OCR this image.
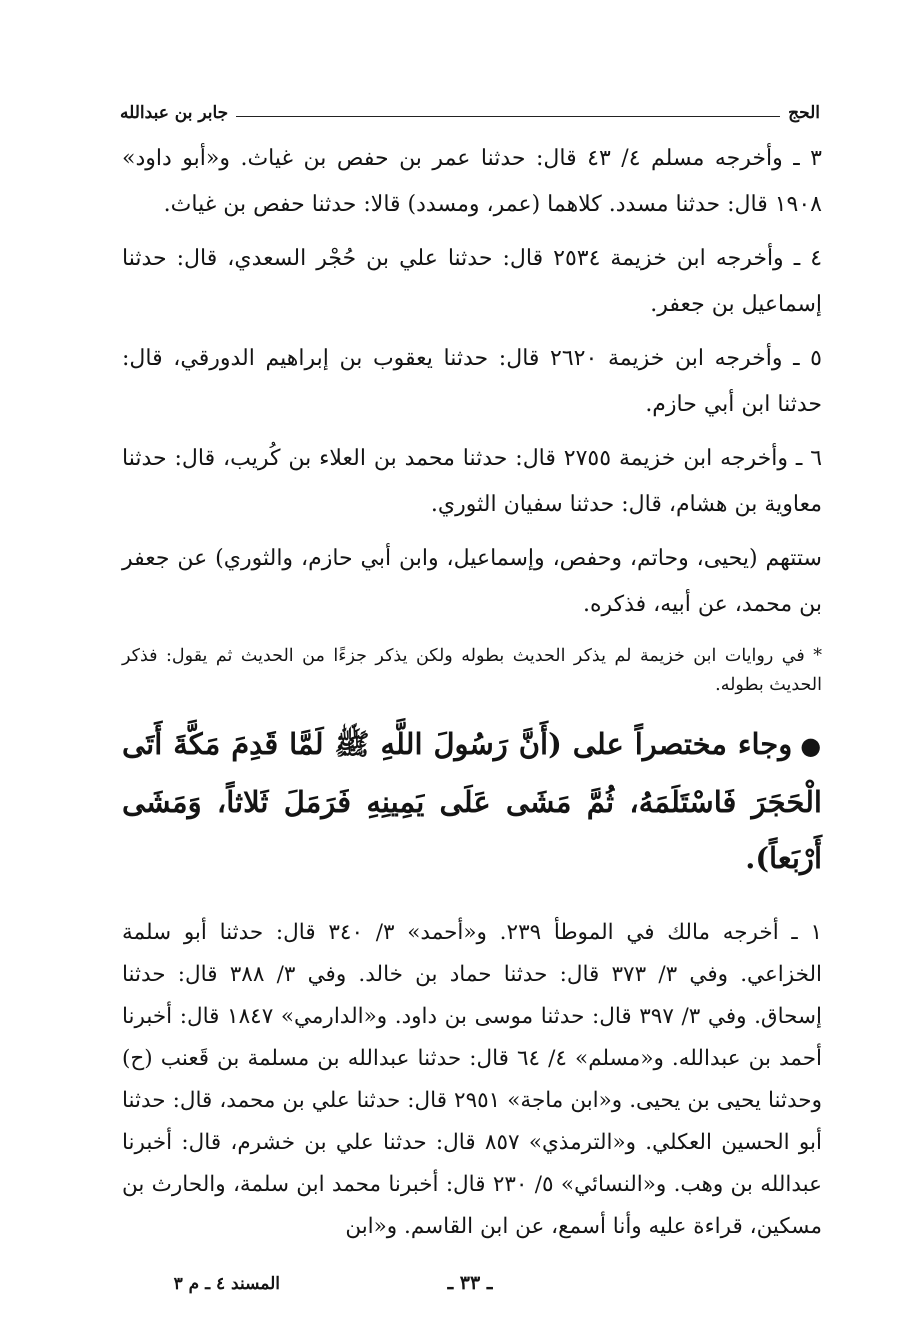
الحج
جابر بن عبدالله

٣ ـ وأخرجه مسلم ٤/ ٤٣ قال: حدثنا عمر بن حفص بن غياث. و«أبو داود» ١٩٠٨ قال: حدثنا مسدد. كلاهما (عمر، ومسدد) قالا: حدثنا حفص بن غياث.

٤ ـ وأخرجه ابن خزيمة ٢٥٣٤ قال: حدثنا علي بن حُجْر السعدي، قال: حدثنا إسماعيل بن جعفر.

٥ ـ وأخرجه ابن خزيمة ٢٦٢٠ قال: حدثنا يعقوب بن إبراهيم الدورقي، قال: حدثنا ابن أبي حازم.

٦ ـ وأخرجه ابن خزيمة ٢٧٥٥ قال: حدثنا محمد بن العلاء بن كُريب، قال: حدثنا معاوية بن هشام، قال: حدثنا سفيان الثوري.

ستتهم (يحيى، وحاتم، وحفص، وإسماعيل، وابن أبي حازم، والثوري) عن جعفر بن محمد، عن أبيه، فذكره.

* في روايات ابن خزيمة لم يذكر الحديث بطوله ولكن يذكر جزءًا من الحديث ثم يقول: فذكر الحديث بطوله.

●وجاء مختصراً على (أَنَّ رَسُولَ اللَّهِ ﷺ لَمَّا قَدِمَ مَكَّةَ أَتَى الْحَجَرَ فَاسْتَلَمَهُ، ثُمَّ مَشَى عَلَى يَمِينِهِ فَرَمَلَ ثَلاثاً، وَمَشَى أَرْبَعاً).

١ ـ أخرجه مالك في الموطأ ٢٣٩. و«أحمد» ٣/ ٣٤٠ قال: حدثنا أبو سلمة الخزاعي. وفي ٣/ ٣٧٣ قال: حدثنا حماد بن خالد. وفي ٣/ ٣٨٨ قال: حدثنا إسحاق. وفي ٣/ ٣٩٧ قال: حدثنا موسى بن داود. و«الدارمي» ١٨٤٧ قال: أخبرنا أحمد بن عبدالله. و«مسلم» ٤/ ٦٤ قال: حدثنا عبدالله بن مسلمة بن قَعنب (ح) وحدثنا يحيى بن يحيى. و«ابن ماجة» ٢٩٥١ قال: حدثنا علي بن محمد، قال: حدثنا أبو الحسين العكلي. و«الترمذي» ٨٥٧ قال: حدثنا علي بن خشرم، قال: أخبرنا عبدالله بن وهب. و«النسائي» ٥/ ٢٣٠ قال: أخبرنا محمد ابن سلمة، والحارث بن مسكين، قراءة عليه وأنا أسمع، عن ابن القاسم. و«ابن

ـ ٣٣ ـ
المسند ٤ ـ م ٣
